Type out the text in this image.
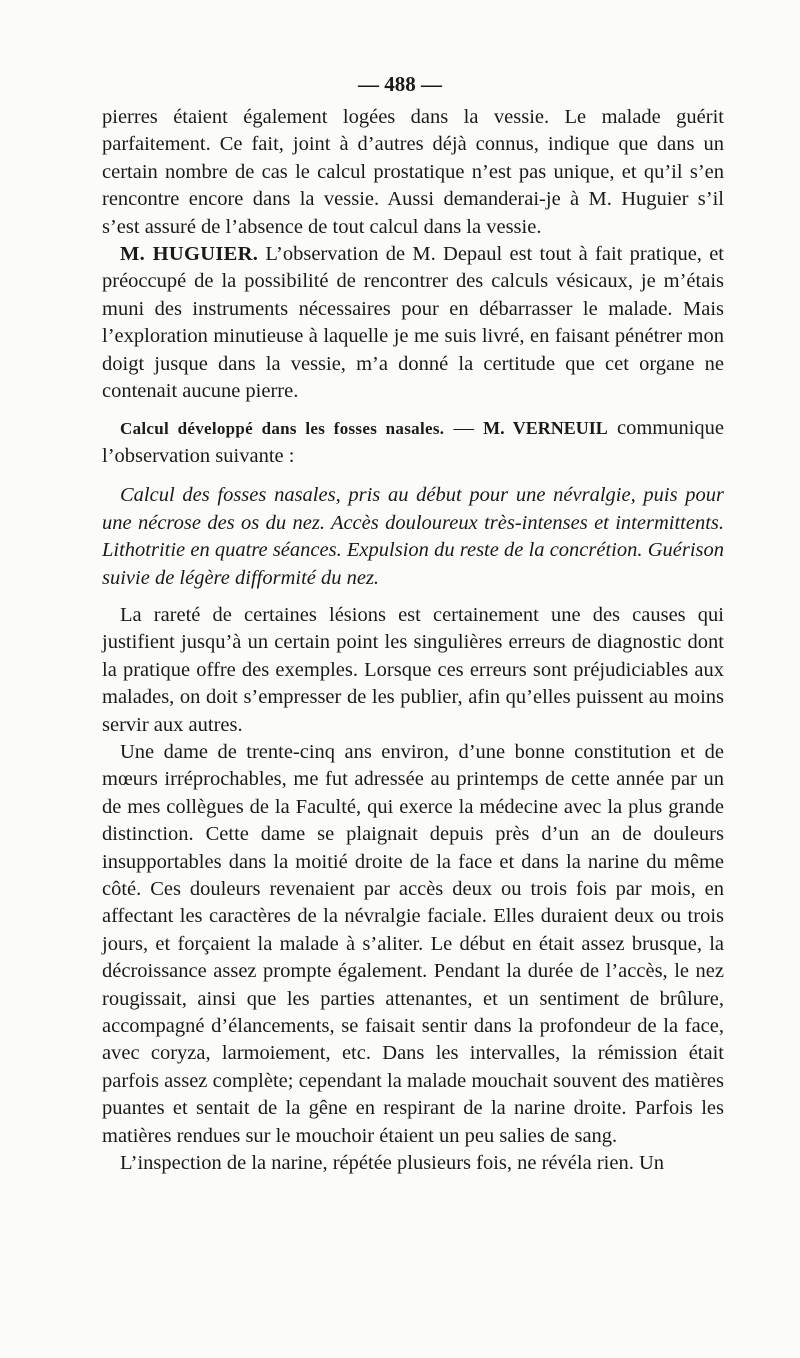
— 488 —

pierres étaient également logées dans la vessie. Le malade guérit parfaitement. Ce fait, joint à d’autres déjà connus, indique que dans un certain nombre de cas le calcul prostatique n’est pas unique, et qu’il s’en rencontre encore dans la vessie. Aussi demanderai-je à M. Huguier s’il s’est assuré de l’absence de tout calcul dans la vessie.

M. HUGUIER. L’observation de M. Depaul est tout à fait pratique, et préoccupé de la possibilité de rencontrer des calculs vésicaux, je m’étais muni des instruments nécessaires pour en débarrasser le malade. Mais l’exploration minutieuse à laquelle je me suis livré, en faisant pénétrer mon doigt jusque dans la vessie, m’a donné la certitude que cet organe ne contenait aucune pierre.

Calcul développé dans les fosses nasales. — M. VERNEUIL communique l’observation suivante :

Calcul des fosses nasales, pris au début pour une névralgie, puis pour une nécrose des os du nez. Accès douloureux très-intenses et intermittents. Lithotritie en quatre séances. Expulsion du reste de la concrétion. Guérison suivie de légère difformité du nez.

La rareté de certaines lésions est certainement une des causes qui justifient jusqu’à un certain point les singulières erreurs de diagnostic dont la pratique offre des exemples. Lorsque ces erreurs sont préjudiciables aux malades, on doit s’empresser de les publier, afin qu’elles puissent au moins servir aux autres.

Une dame de trente-cinq ans environ, d’une bonne constitution et de mœurs irréprochables, me fut adressée au printemps de cette année par un de mes collègues de la Faculté, qui exerce la médecine avec la plus grande distinction. Cette dame se plaignait depuis près d’un an de douleurs insupportables dans la moitié droite de la face et dans la narine du même côté. Ces douleurs revenaient par accès deux ou trois fois par mois, en affectant les caractères de la névralgie faciale. Elles duraient deux ou trois jours, et forçaient la malade à s’aliter. Le début en était assez brusque, la décroissance assez prompte également. Pendant la durée de l’accès, le nez rougissait, ainsi que les parties attenantes, et un sentiment de brûlure, accompagné d’élancements, se faisait sentir dans la profondeur de la face, avec coryza, larmoiement, etc. Dans les intervalles, la rémission était parfois assez complète; cependant la malade mouchait souvent des matières puantes et sentait de la gêne en respirant de la narine droite. Parfois les matières rendues sur le mouchoir étaient un peu salies de sang.

L’inspection de la narine, répétée plusieurs fois, ne révéla rien. Un
